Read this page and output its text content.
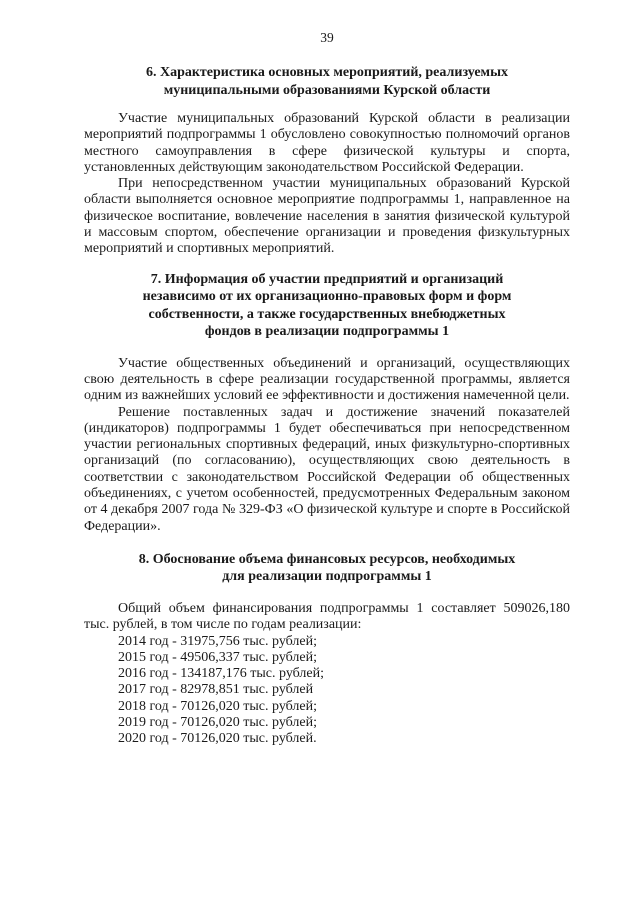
39
6. Характеристика основных мероприятий, реализуемых
муниципальными образованиями Курской области

Участие муниципальных образований Курской области в реализации мероприятий подпрограммы 1 обусловлено совокупностью полномочий органов местного самоуправления в сфере физической культуры и спорта, установленных действующим законодательством Российской Федерации.

При непосредственном участии муниципальных образований Курской области выполняется основное мероприятие подпрограммы 1, направленное на физическое воспитание, вовлечение населения в занятия физической культурой и массовым спортом, обеспечение организации и проведения физкультурных мероприятий и спортивных мероприятий.

7. Информация об участии предприятий и организаций
независимо от их организационно-правовых форм и форм
собственности, а также государственных внебюджетных
фондов в реализации подпрограммы 1

Участие общественных объединений и организаций, осуществляющих свою деятельность в сфере реализации государственной программы, является одним из важнейших условий ее эффективности и достижения намеченной цели.

Решение поставленных задач и достижение значений показателей (индикаторов) подпрограммы 1 будет обеспечиваться при непосредственном участии региональных спортивных федераций, иных физкультурно-спортивных организаций (по согласованию), осуществляющих свою деятельность в соответствии с законодательством Российской Федерации об общественных объединениях, с учетом особенностей, предусмотренных Федеральным законом от 4 декабря 2007 года № 329-ФЗ «О физической культуре и спорте в Российской Федерации».

8. Обоснование объема финансовых ресурсов, необходимых
для реализации подпрограммы 1

Общий объем финансирования подпрограммы 1 составляет 509026,180 тыс. рублей, в том числе по годам реализации:

2014 год - 31975,756 тыс. рублей;
2015 год - 49506,337 тыс. рублей;
2016 год - 134187,176 тыс. рублей;
2017 год - 82978,851 тыс. рублей
2018 год - 70126,020 тыс. рублей;
2019 год - 70126,020 тыс. рублей;
2020 год - 70126,020 тыс. рублей.
